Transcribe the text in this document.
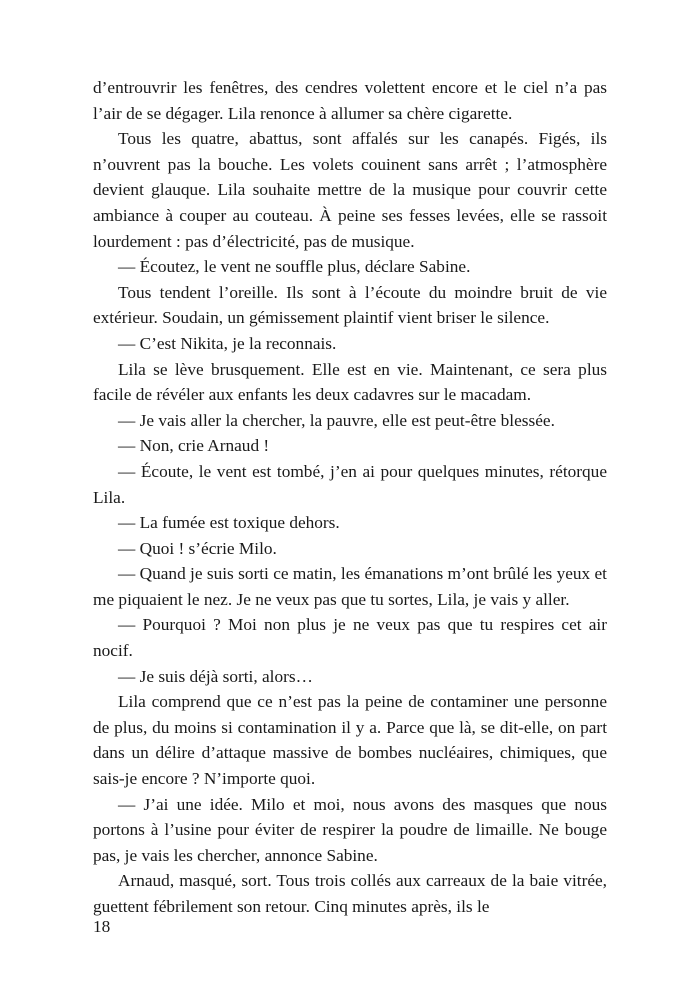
d’entrouvrir les fenêtres, des cendres volettent encore et le ciel n’a pas l’air de se dégager. Lila renonce à allumer sa chère cigarette.

Tous les quatre, abattus, sont affalés sur les canapés. Figés, ils n’ouvrent pas la bouche. Les volets couinent sans arrêt ; l’atmosphère devient glauque. Lila souhaite mettre de la musique pour couvrir cette ambiance à couper au couteau. À peine ses fesses levées, elle se rassoit lourdement : pas d’électricité, pas de musique.

— Écoutez, le vent ne souffle plus, déclare Sabine.

Tous tendent l’oreille. Ils sont à l’écoute du moindre bruit de vie extérieur. Soudain, un gémissement plaintif vient briser le silence.

— C’est Nikita, je la reconnais.

Lila se lève brusquement. Elle est en vie. Maintenant, ce sera plus facile de révéler aux enfants les deux cadavres sur le macadam.

— Je vais aller la chercher, la pauvre, elle est peut-être blessée.

— Non, crie Arnaud !

— Écoute, le vent est tombé, j’en ai pour quelques minutes, rétorque Lila.

— La fumée est toxique dehors.

— Quoi ! s’écrie Milo.

— Quand je suis sorti ce matin, les émanations m’ont brûlé les yeux et me piquaient le nez. Je ne veux pas que tu sortes, Lila, je vais y aller.

— Pourquoi ? Moi non plus je ne veux pas que tu respires cet air nocif.

— Je suis déjà sorti, alors…

Lila comprend que ce n’est pas la peine de contaminer une personne de plus, du moins si contamination il y a. Parce que là, se dit-elle, on part dans un délire d’attaque massive de bombes nucléaires, chimiques, que sais-je encore ? N’importe quoi.

— J’ai une idée. Milo et moi, nous avons des masques que nous portons à l’usine pour éviter de respirer la poudre de limaille. Ne bouge pas, je vais les chercher, annonce Sabine.

Arnaud, masqué, sort. Tous trois collés aux carreaux de la baie vitrée, guettent fébrilement son retour. Cinq minutes après, ils le

18
